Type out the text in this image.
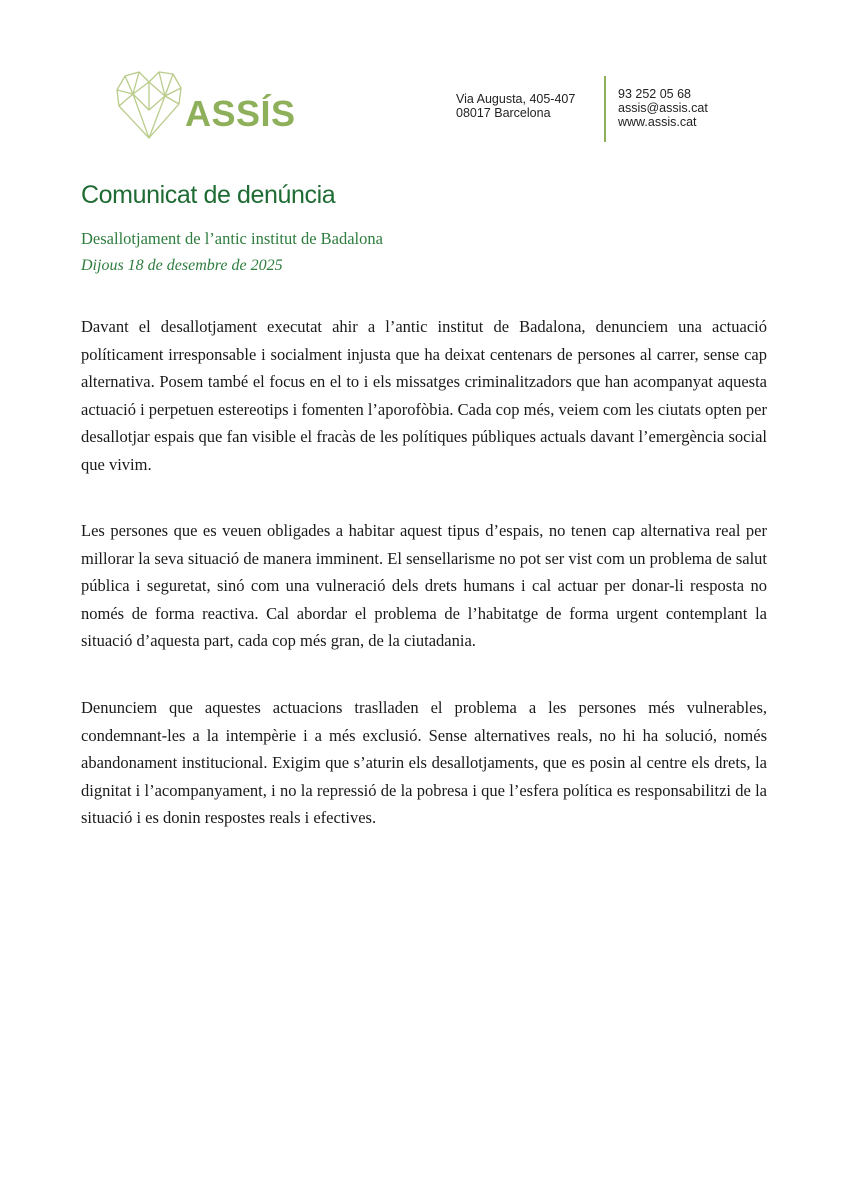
ASSÍS	Via Augusta, 405-407
08017 Barcelona
93 252 05 68
assis@assis.cat
www.assis.cat
Comunicat de denúncia

Desallotjament de l’antic institut de Badalona

Dijous 18 de desembre de 2025

Davant el desallotjament executat ahir a l’antic institut de Badalona, denunciem una actuació políticament irresponsable i socialment injusta que ha deixat centenars de persones al carrer, sense cap alternativa. Posem també el focus en el to i els missatges criminalitzadors que han acompanyat aquesta actuació i perpetuen estereotips i fomenten l’aporofòbia. Cada cop més, veiem com les ciutats opten per desallotjar espais que fan visible el fracàs de les polítiques públiques actuals davant l’emergència social que vivim.

Les persones que es veuen obligades a habitar aquest tipus d’espais, no tenen cap alternativa real per millorar la seva situació de manera imminent. El sensellarisme no pot ser vist com un problema de salut pública i seguretat, sinó com una vulneració dels drets humans i cal actuar per donar-li resposta no només de forma reactiva. Cal abordar el problema de l’habitatge de forma urgent contemplant la situació d’aquesta part, cada cop més gran, de la ciutadania.

Denunciem que aquestes actuacions traslladen el problema a les persones més vulnerables, condemnant-les a la intempèrie i a més exclusió. Sense alternatives reals, no hi ha solució, només abandonament institucional. Exigim que s’aturin els desallotjaments, que es posin al centre els drets, la dignitat i l’acompanyament, i no la repressió de la pobresa i que l’esfera política es responsabilitzi de la situació i es donin respostes reals i efectives.
